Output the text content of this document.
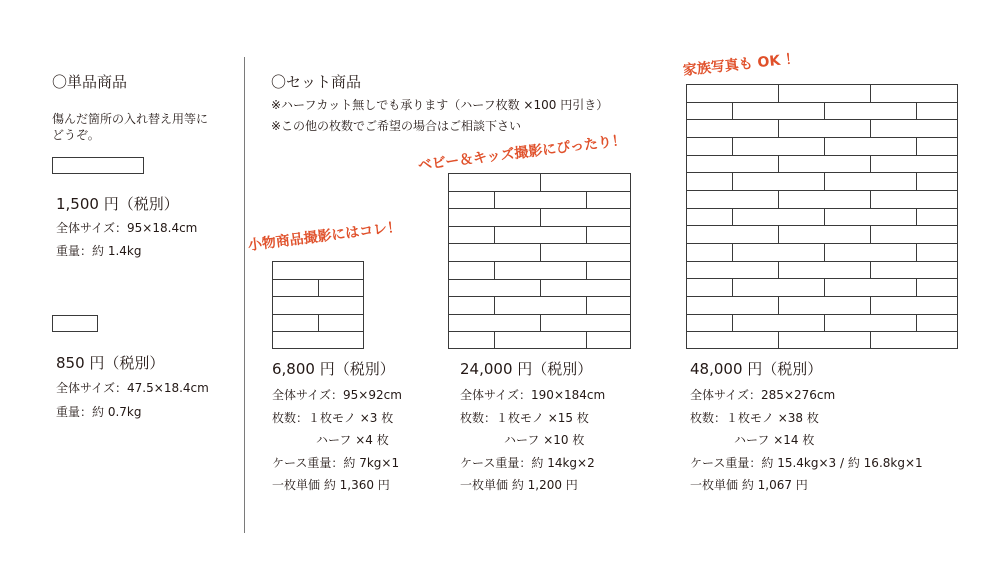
〇単品商品
傷んだ箇所の入れ替え用等に
どうぞ。
1,500 円（税別）
全体サイズ：95×18.4cm
重量：約 1.4kg
850 円（税別）
全体サイズ：47.5×18.4cm
重量：約 0.7kg
〇セット商品
※ハーフカット無しでも承ります（ハーフ枚数 ×100 円引き）
※この他の枚数でご希望の場合はご相談下さい
小物商品撮影にはコレ！
ベビー＆キッズ撮影にぴったり！
家族写真も OK ！
6,800 円（税別）
全体サイズ：95×92cm
枚数：１枚モノ ×3 枚
ハーフ ×4 枚
ケース重量：約 7kg×1
一枚単価 約 1,360 円
24,000 円（税別）
全体サイズ：190×184cm
枚数：１枚モノ ×15 枚
ハーフ ×10 枚
ケース重量：約 14kg×2
一枚単価 約 1,200 円
48,000 円（税別）
全体サイズ：285×276cm
枚数：１枚モノ ×38 枚
ハーフ ×14 枚
ケース重量：約 15.4kg×3 / 約 16.8kg×1
一枚単価 約 1,067 円
